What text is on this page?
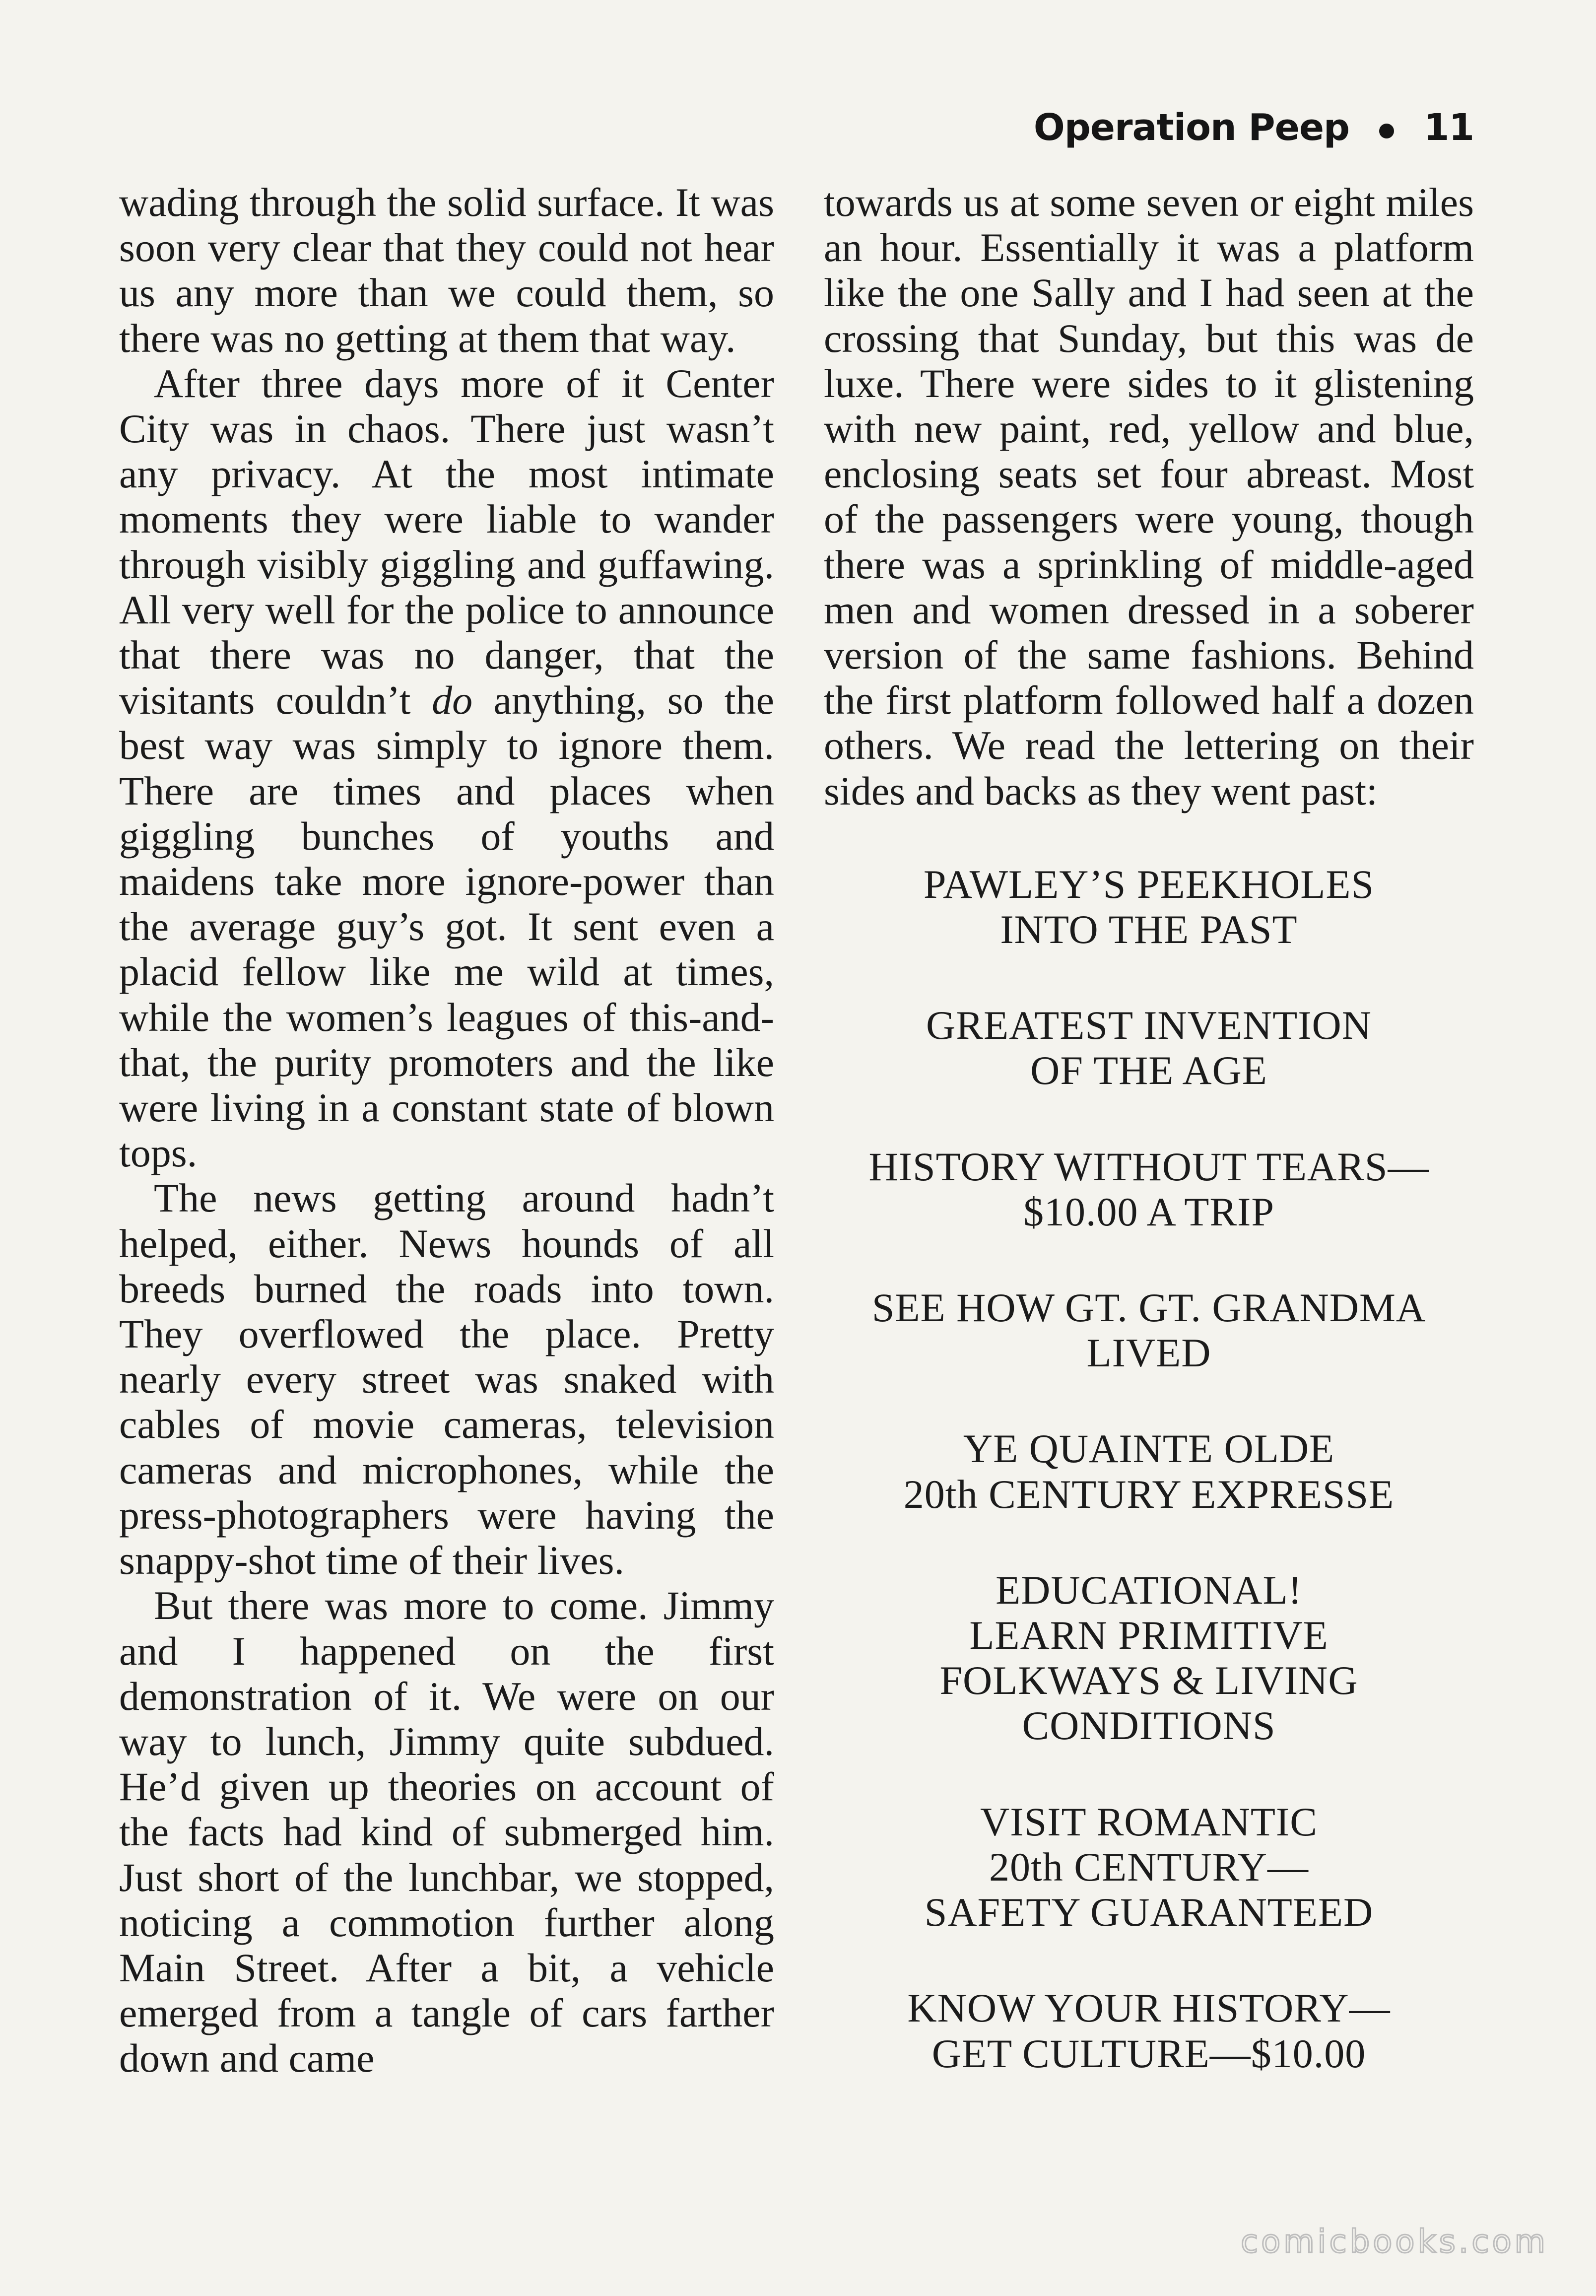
Operation Peep 11

wading through the solid surface. It was soon very clear that they could not hear us any more than we could them, so there was no getting at them that way.

After three days more of it Center City was in chaos. There just wasn’t any privacy. At the most intimate moments they were liable to wander through visibly giggling and guffawing. All very well for the police to announce that there was no danger, that the visitants couldn’t do anything, so the best way was simply to ignore them. There are times and places when giggling bunches of youths and maidens take more ignore-power than the average guy’s got. It sent even a placid fellow like me wild at times, while the women’s leagues of this-and-that, the purity promoters and the like were living in a constant state of blown tops.

The news getting around hadn’t helped, either. News hounds of all breeds burned the roads into town. They overflowed the place. Pretty nearly every street was snaked with cables of movie cameras, television cameras and microphones, while the press-photographers were having the snappy-shot time of their lives.

But there was more to come. Jimmy and I happened on the first demonstration of it. We were on our way to lunch, Jimmy quite subdued. He’d given up theories on account of the facts had kind of submerged him. Just short of the lunchbar, we stopped, noticing a commotion further along Main Street. After a bit, a vehicle emerged from a tangle of cars farther down and came

towards us at some seven or eight miles an hour. Essentially it was a platform like the one Sally and I had seen at the crossing that Sunday, but this was de luxe. There were sides to it glistening with new paint, red, yellow and blue, enclosing seats set four abreast. Most of the passengers were young, though there was a sprinkling of middle-aged men and women dressed in a soberer version of the same fashions. Behind the first platform followed half a dozen others. We read the lettering on their sides and backs as they went past:

PAWLEY’S PEEKHOLES
INTO THE PAST
GREATEST INVENTION
OF THE AGE
HISTORY WITHOUT TEARS—
$10.00 A TRIP
SEE HOW GT. GT. GRANDMA
LIVED
YE QUAINTE OLDE
20th CENTURY EXPRESSE
EDUCATIONAL!
LEARN PRIMITIVE
FOLKWAYS & LIVING
CONDITIONS
VISIT ROMANTIC
20th CENTURY—
SAFETY GUARANTEED
KNOW YOUR HISTORY—
GET CULTURE—$10.00
comicbooks.com
